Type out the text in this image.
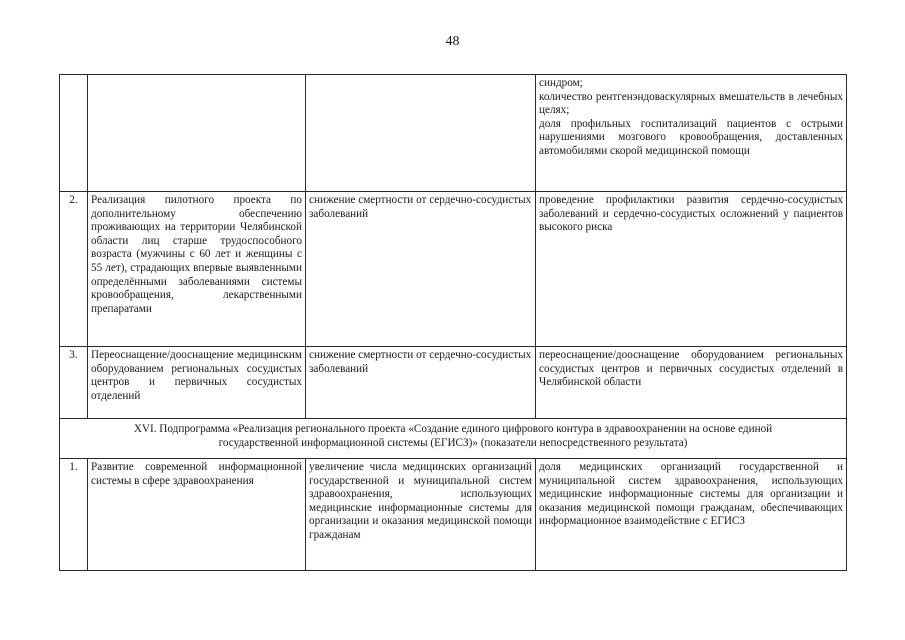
48

			синдром;
количество рентгенэндоваскулярных вмешательств в лечебных целях;
доля профильных госпитализаций пациентов с острыми нарушениями мозгового кровообращения, доставленных автомобилями скорой медицинской помощи

2.	Реализация пилотного проекта по дополнительному обеспечению проживающих на территории Челябинской области лиц старше трудоспособного возраста (мужчины с 60 лет и женщины с 55 лет), страдающих впервые выявленными определёнными заболеваниями системы кровообращения, лекарственными препаратами	снижение смертности от сердечно-сосудистых заболеваний	проведение профилактики развития сердечно-сосудистых заболеваний и сердечно-сосудистых осложнений у пациентов высокого риска

3.	Переоснащение/дооснащение медицинским оборудованием региональных сосудистых центров и первичных сосудистых отделений	снижение смертности от сердечно-сосудистых заболеваний	переоснащение/дооснащение оборудованием региональных сосудистых центров и первичных сосудистых отделений в Челябинской области

XVI. Подпрограмма «Реализация регионального проекта «Создание единого цифрового контура в здравоохранении на основе единой
государственной информационной системы (ЕГИСЗ)» (показатели непосредственного результата)			

1.	Развитие современной информационной системы в сфере здравоохранения	увеличение числа медицинских организаций государственной и муниципальной систем здравоохранения, использующих медицинские информационные системы для организации и оказания медицинской помощи гражданам	доля медицинских организаций государственной и муниципальной систем здравоохранения, использующих медицинские информационные системы для организации и оказания медицинской помощи гражданам, обеспечивающих информационное взаимодействие с ЕГИСЗ
